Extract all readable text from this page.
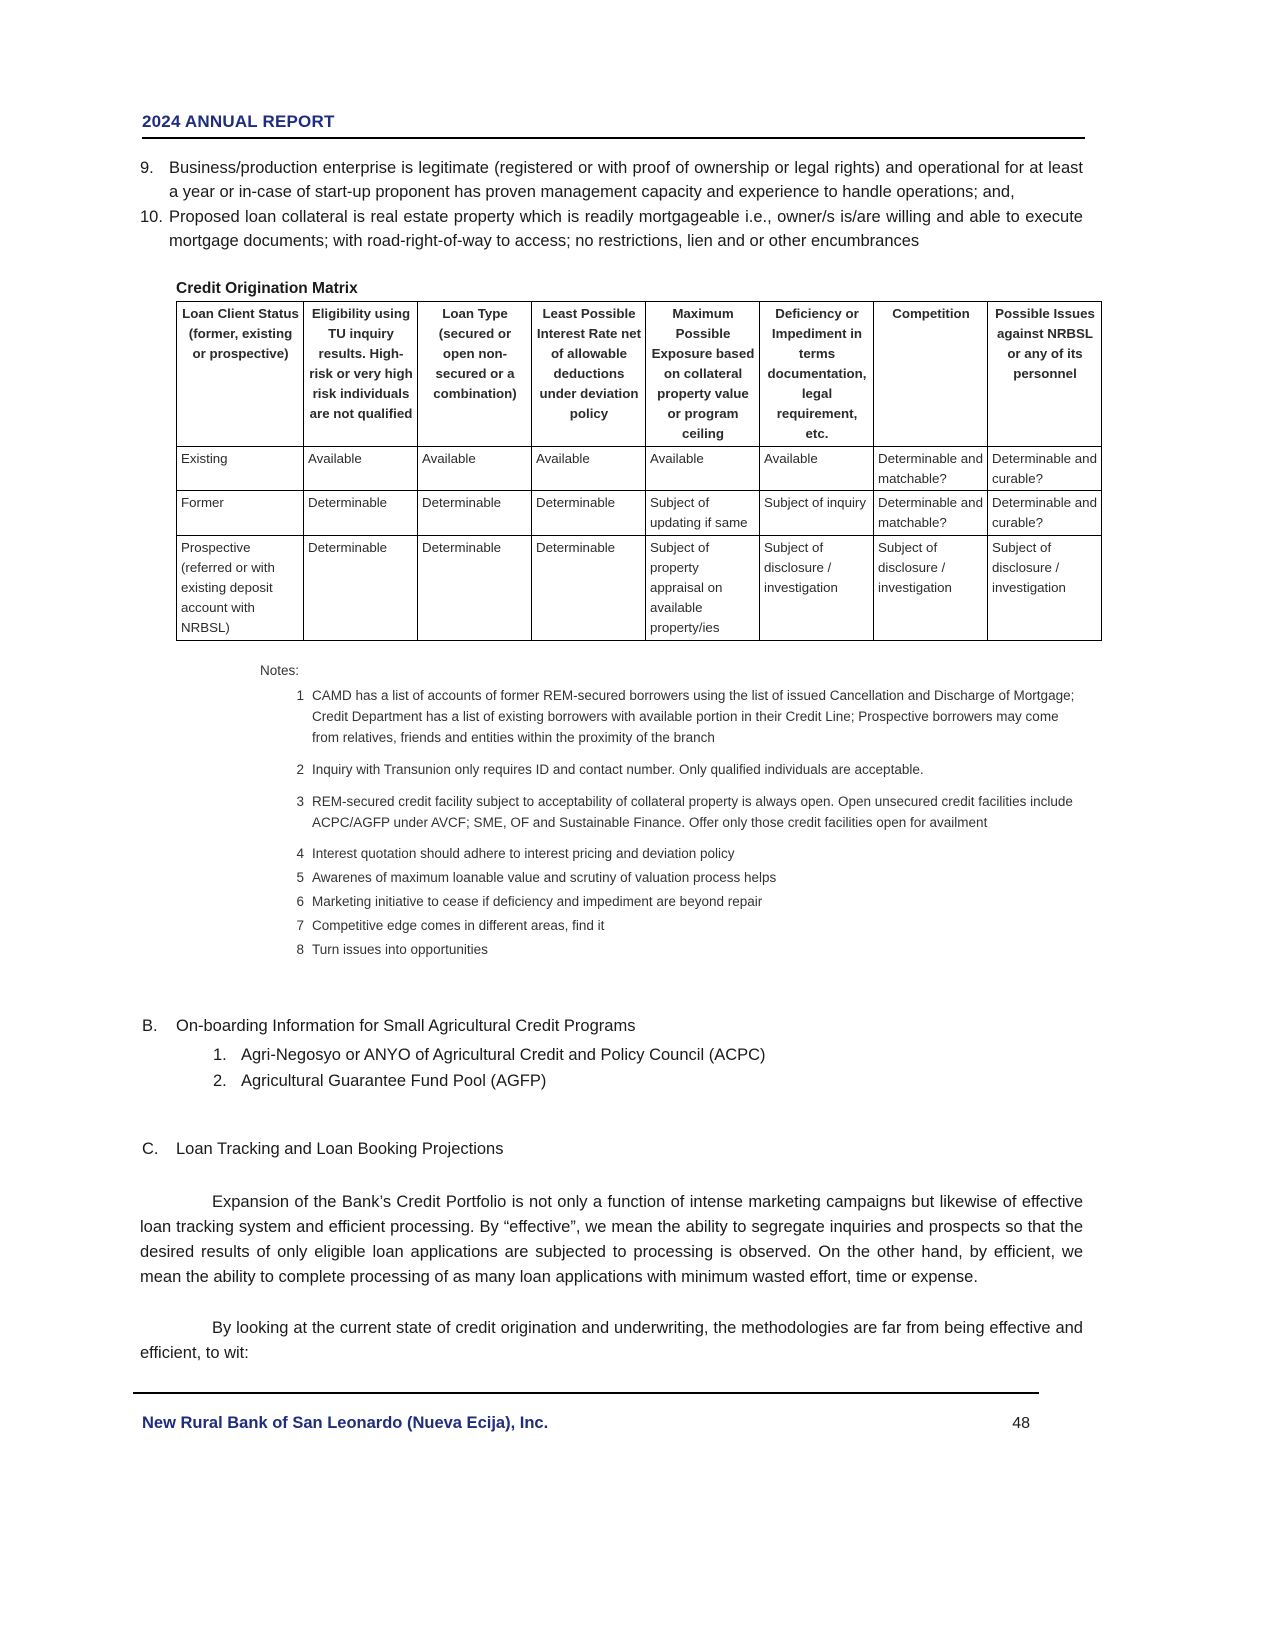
2024 ANNUAL REPORT
9. Business/production enterprise is legitimate (registered or with proof of ownership or legal rights) and operational for at least a year or in-case of start-up proponent has proven management capacity and experience to handle operations; and,
10. Proposed loan collateral is real estate property which is readily mortgageable i.e., owner/s is/are willing and able to execute mortgage documents; with road-right-of-way to access; no restrictions, lien and or other encumbrances
Credit Origination Matrix
Loan Client Status (former, existing or prospective)	Eligibility using TU inquiry results. High-risk or very high risk individuals are not qualified	Loan Type (secured or open non-secured or a combination)	Least Possible Interest Rate net of allowable deductions under deviation policy	Maximum Possible Exposure based on collateral property value or program ceiling	Deficiency or Impediment in terms documentation, legal requirement, etc.	Competition	Possible Issues against NRBSL or any of its personnel
Existing	Available	Available	Available	Available	Available	Determinable and matchable?	Determinable and curable?
Former	Determinable	Determinable	Determinable	Subject of updating if same	Subject of inquiry	Determinable and matchable?	Determinable and curable?
Prospective (referred or with existing deposit account with NRBSL)	Determinable	Determinable	Determinable	Subject of property appraisal on available property/ies	Subject of disclosure / investigation	Subject of disclosure / investigation	Subject of disclosure / investigation
Notes:
1 CAMD has a list of accounts of former REM-secured borrowers using the list of issued Cancellation and Discharge of Mortgage; Credit Department has a list of existing borrowers with available portion in their Credit Line; Prospective borrowers may come from relatives, friends and entities within the proximity of the branch
2 Inquiry with Transunion only requires ID and contact number. Only qualified individuals are acceptable.
3 REM-secured credit facility subject to acceptability of collateral property is always open. Open unsecured credit facilities include ACPC/AGFP under AVCF; SME, OF and Sustainable Finance. Offer only those credit facilities open for availment
4 Interest quotation should adhere to interest pricing and deviation policy
5 Awarenes of maximum loanable value and scrutiny of valuation process helps
6 Marketing initiative to cease if deficiency and impediment are beyond repair
7 Competitive edge comes in different areas, find it
8 Turn issues into opportunities
B.	On-boarding Information for Small Agricultural Credit Programs
1. Agri-Negosyo or ANYO of Agricultural Credit and Policy Council (ACPC)
2. Agricultural Guarantee Fund Pool (AGFP)
C.	Loan Tracking and Loan Booking Projections
Expansion of the Bank’s Credit Portfolio is not only a function of intense marketing campaigns but likewise of effective loan tracking system and efficient processing. By “effective”, we mean the ability to segregate inquiries and prospects so that the desired results of only eligible loan applications are subjected to processing is observed. On the other hand, by efficient, we mean the ability to complete processing of as many loan applications with minimum wasted effort, time or expense.
By looking at the current state of credit origination and underwriting, the methodologies are far from being effective and efficient, to wit:
New Rural Bank of San Leonardo (Nueva Ecija), Inc.	48
